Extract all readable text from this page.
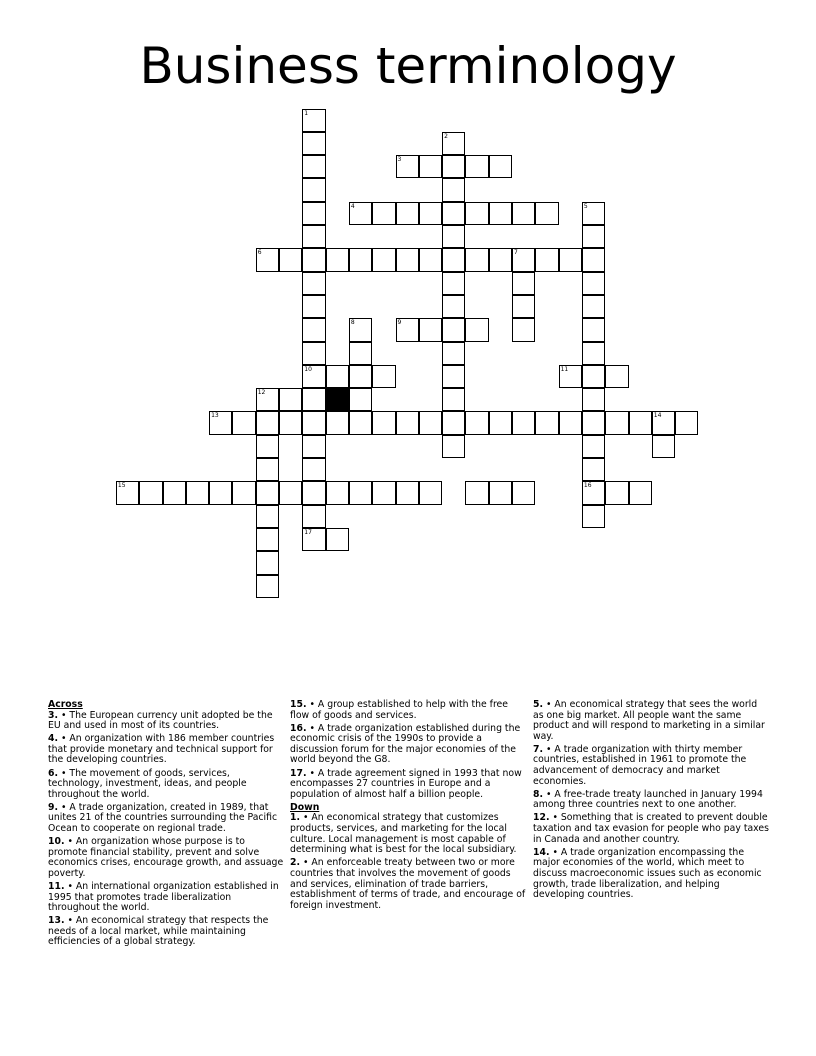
Business terminology
1
10
2
3
4	5
16
6	7
8	9
11
12
13	14
15
17
Across
3. • The European currency unit adopted be the EU and used in most of its countries.
4. • An organization with 186 member countries that provide monetary and technical support for the developing countries.
6. • The movement of goods, services, technology, investment, ideas, and people throughout the world.
9. • A trade organization, created in 1989, that unites 21 of the countries surrounding the Pacific Ocean to cooperate on regional trade.
10. • An organization whose purpose is to promote financial stability, prevent and solve economics crises, encourage growth, and assuage poverty.
11. • An international organization established in 1995 that promotes trade liberalization throughout the world.
13. • An economical strategy that respects the needs of a local market, while maintaining efficiencies of a global strategy.
15. • A group established to help with the free flow of goods and services.
16. • A trade organization established during the economic crisis of the 1990s to provide a discussion forum for the major economies of the world beyond the G8.
17. • A trade agreement signed in 1993 that now encompasses 27 countries in Europe and a population of almost half a billion people.
Down
1. • An economical strategy that customizes products, services, and marketing for the local culture. Local management is most capable of determining what is best for the local subsidiary.
2. • An enforceable treaty between two or more countries that involves the movement of goods and services, elimination of trade barriers, establishment of terms of trade, and encourage of foreign investment.
5. • An economical strategy that sees the world as one big market. All people want the same product and will respond to marketing in a similar way.
7. • A trade organization with thirty member countries, established in 1961 to promote the advancement of democracy and market economies.
8. • A free-trade treaty launched in January 1994 among three countries next to one another.
12. • Something that is created to prevent double taxation and tax evasion for people who pay taxes in Canada and another country.
14. • A trade organization encompassing the major economies of the world, which meet to discuss macroeconomic issues such as economic growth, trade liberalization, and helping developing countries.
